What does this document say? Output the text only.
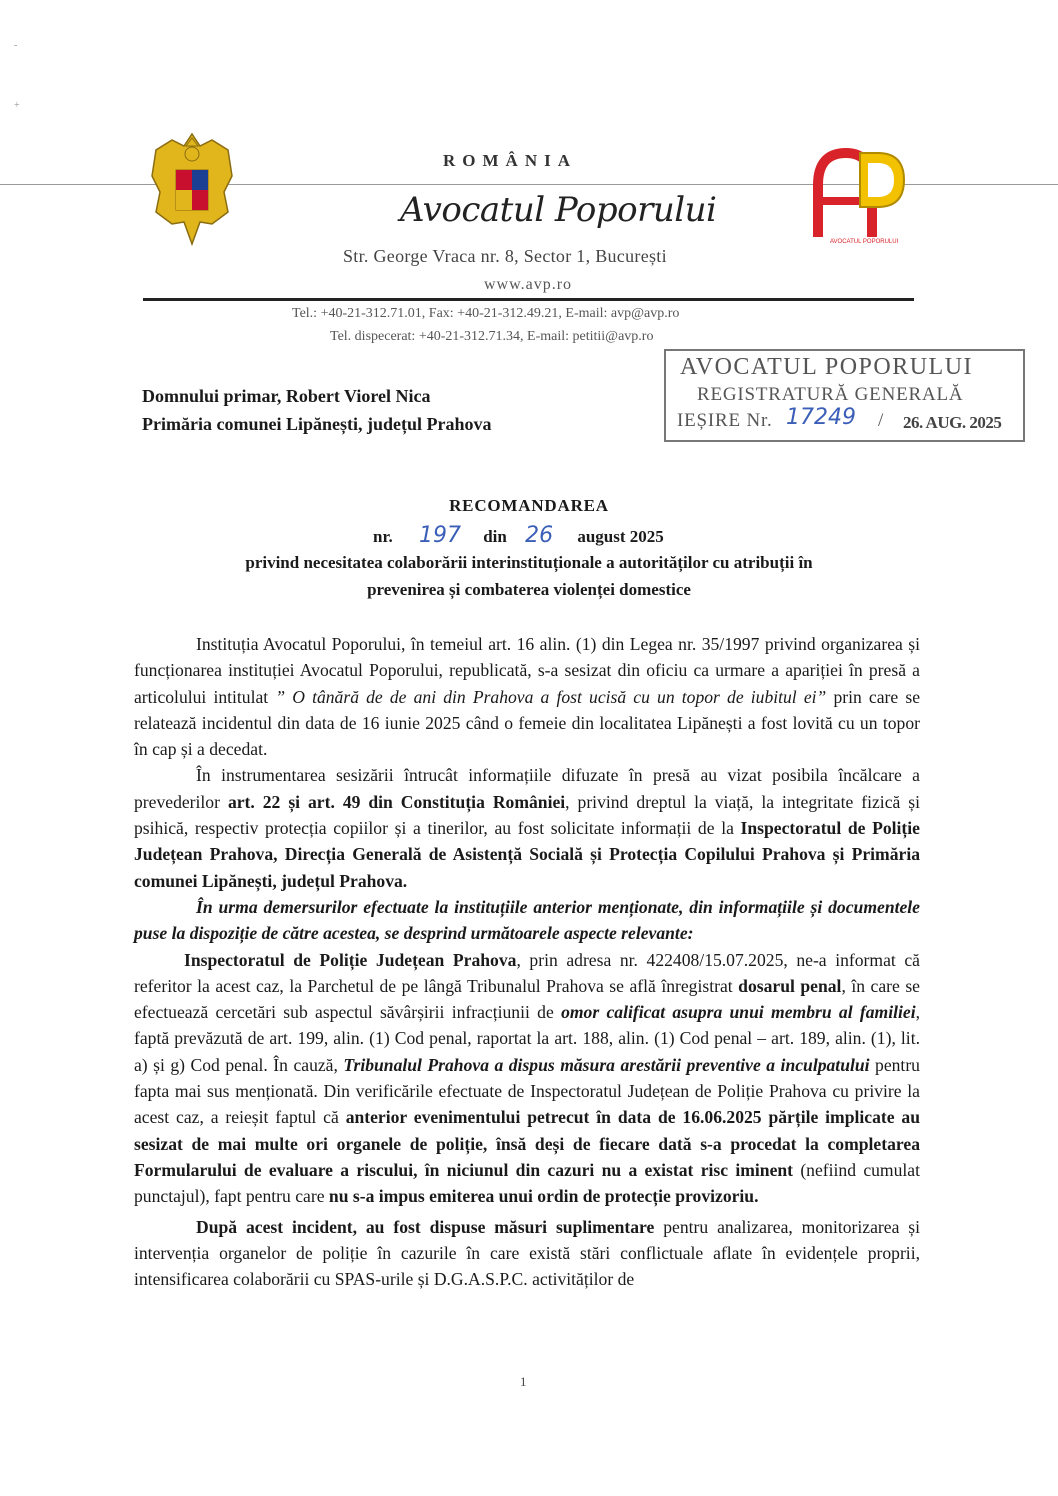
-
+
ROMÂNIA
Avocatul Poporului
Str. George Vraca nr. 8, Sector 1, București
www.avp.ro
Tel.: +40-21-312.71.01, Fax: +40-21-312.49.21, E-mail: avp@avp.ro
Tel. dispecerat: +40-21-312.71.34, E-mail: petitii@avp.ro
AVOCATUL POPORULUI
AVOCATUL POPORULUI
REGISTRATURĂ GENERALĂ
IEȘIRE Nr. 17249 / 26. AUG. 2025
Domnului primar, Robert Viorel Nica
Primăria comunei Lipănești, județul Prahova
RECOMANDAREA
nr. 197 din 26 august 2025
privind necesitatea colaborării interinstituționale a autorităților cu atribuții în
prevenirea și combaterea violenței domestice

Instituția Avocatul Poporului, în temeiul art. 16 alin. (1) din Legea nr. 35/1997 privind organizarea și funcționarea instituției Avocatul Poporului, republicată, s-a sesizat din oficiu ca urmare a apariției în presă a articolului intitulat ” O tânără de de ani din Prahova a fost ucisă cu un topor de iubitul ei” prin care se relatează incidentul din data de 16 iunie 2025 când o femeie din localitatea Lipănești a fost lovită cu un topor în cap și a decedat.

În instrumentarea sesizării întrucât informațiile difuzate în presă au vizat posibila încălcare a prevederilor art. 22 și art. 49 din Constituția României, privind dreptul la viață, la integritate fizică și psihică, respectiv protecția copiilor și a tinerilor, au fost solicitate informații de la Inspectoratul de Poliție Județean Prahova, Direcția Generală de Asistență Socială și Protecția Copilului Prahova și Primăria comunei Lipănești, județul Prahova.

În urma demersurilor efectuate la instituțiile anterior menționate, din informațiile și documentele puse la dispoziție de către acestea, se desprind următoarele aspecte relevante:

Inspectoratul de Poliție Județean Prahova, prin adresa nr. 422408/15.07.2025, ne-a informat că referitor la acest caz, la Parchetul de pe lângă Tribunalul Prahova se află înregistrat dosarul penal, în care se efectuează cercetări sub aspectul săvârșirii infracțiunii de omor calificat asupra unui membru al familiei, faptă prevăzută de art. 199, alin. (1) Cod penal, raportat la art. 188, alin. (1) Cod penal – art. 189, alin. (1), lit. a) și g) Cod penal. În cauză, Tribunalul Prahova a dispus măsura arestării preventive a inculpatului pentru fapta mai sus menționată. Din verificările efectuate de Inspectoratul Județean de Poliție Prahova cu privire la acest caz, a reieșit faptul că anterior evenimentului petrecut în data de 16.06.2025 părțile implicate au sesizat de mai multe ori organele de poliție, însă deși de fiecare dată s-a procedat la completarea Formularului de evaluare a riscului, în niciunul din cazuri nu a existat risc iminent (nefiind cumulat punctajul), fapt pentru care nu s-a impus emiterea unui ordin de protecție provizoriu.

După acest incident, au fost dispuse măsuri suplimentare pentru analizarea, monitorizarea și intervenția organelor de poliție în cazurile în care există stări conflictuale aflate în evidențele proprii, intensificarea colaborării cu SPAS-urile și D.G.A.S.P.C. activităților de

1
